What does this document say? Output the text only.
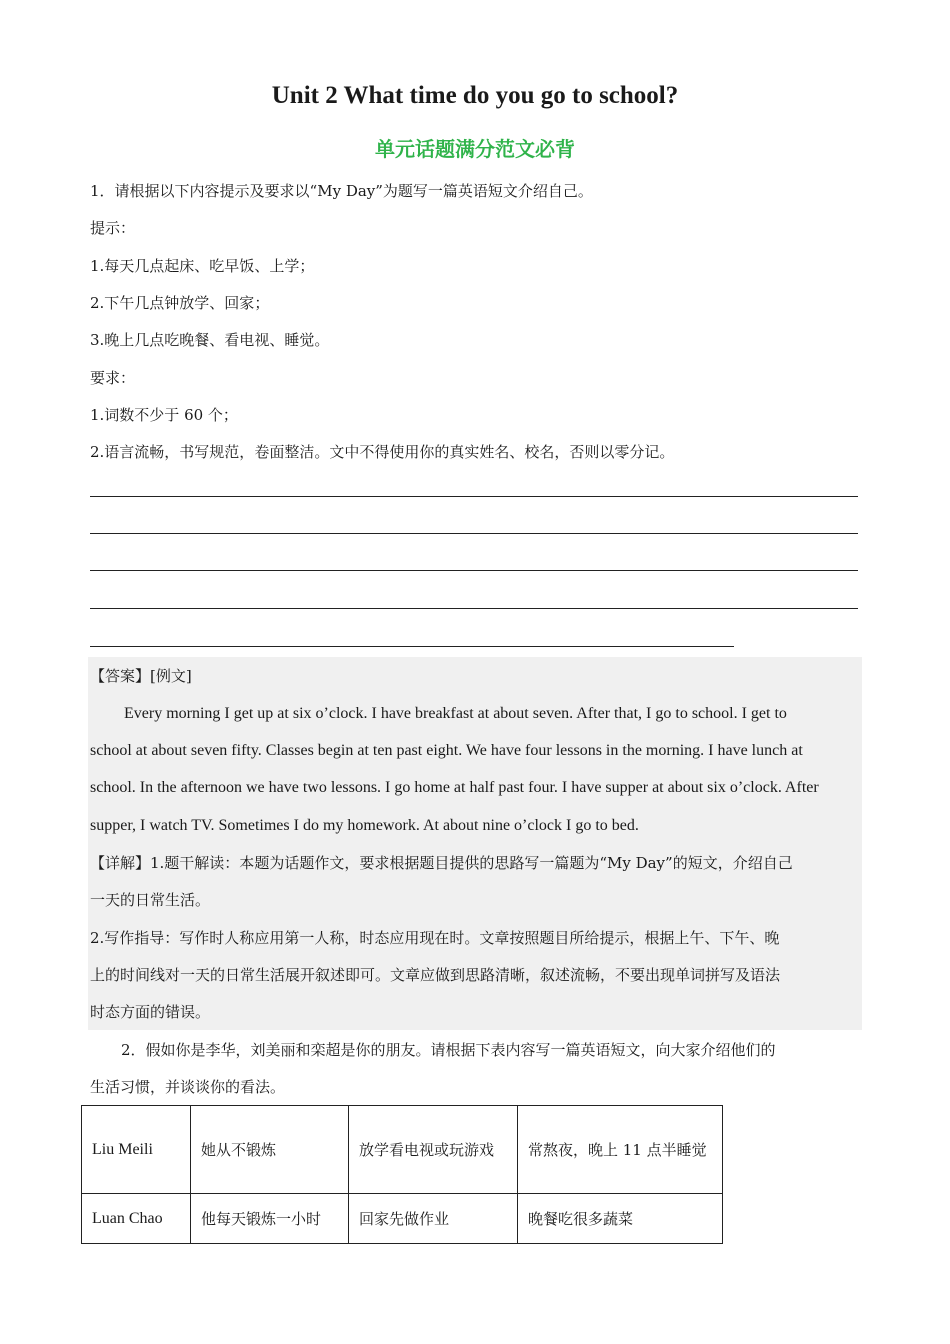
Unit 2 What time do you go to school?
单元话题满分范文必背
1．请根据以下内容提示及要求以“My Day”为题写一篇英语短文介绍自己。
提示：
1.每天几点起床、吃早饭、上学；
2.下午几点钟放学、回家；
3.晚上几点吃晚餐、看电视、睡觉。
要求：
1.词数不少于 60 个；
2.语言流畅，书写规范，卷面整洁。文中不得使用你的真实姓名、校名，否则以零分记。
【答案】[例文]
Every morning I get up at six o’clock. I have breakfast at about seven. After that, I go to school. I get to
school at about seven fifty. Classes begin at ten past eight. We have four lessons in the morning. I have lunch at
school. In the afternoon we have two lessons. I go home at half past four. I have supper at about six o’clock. After
supper, I watch TV. Sometimes I do my homework. At about nine o’clock I go to bed.
【详解】1.题干解读：本题为话题作文，要求根据题目提供的思路写一篇题为“My Day”的短文，介绍自己
一天的日常生活。
2.写作指导：写作时人称应用第一人称，时态应用现在时。文章按照题目所给提示，根据上午、下午、晚
上的时间线对一天的日常生活展开叙述即可。文章应做到思路清晰，叙述流畅，不要出现单词拼写及语法
时态方面的错误。
2．假如你是李华，刘美丽和栾超是你的朋友。请根据下表内容写一篇英语短文，向大家介绍他们的
生活习惯，并谈谈你的看法。
Liu Meili	她从不锻炼	放学看电视或玩游戏	常熬夜，晚上 11 点半睡觉
Luan Chao	他每天锻炼一小时	回家先做作业	晚餐吃很多蔬菜
